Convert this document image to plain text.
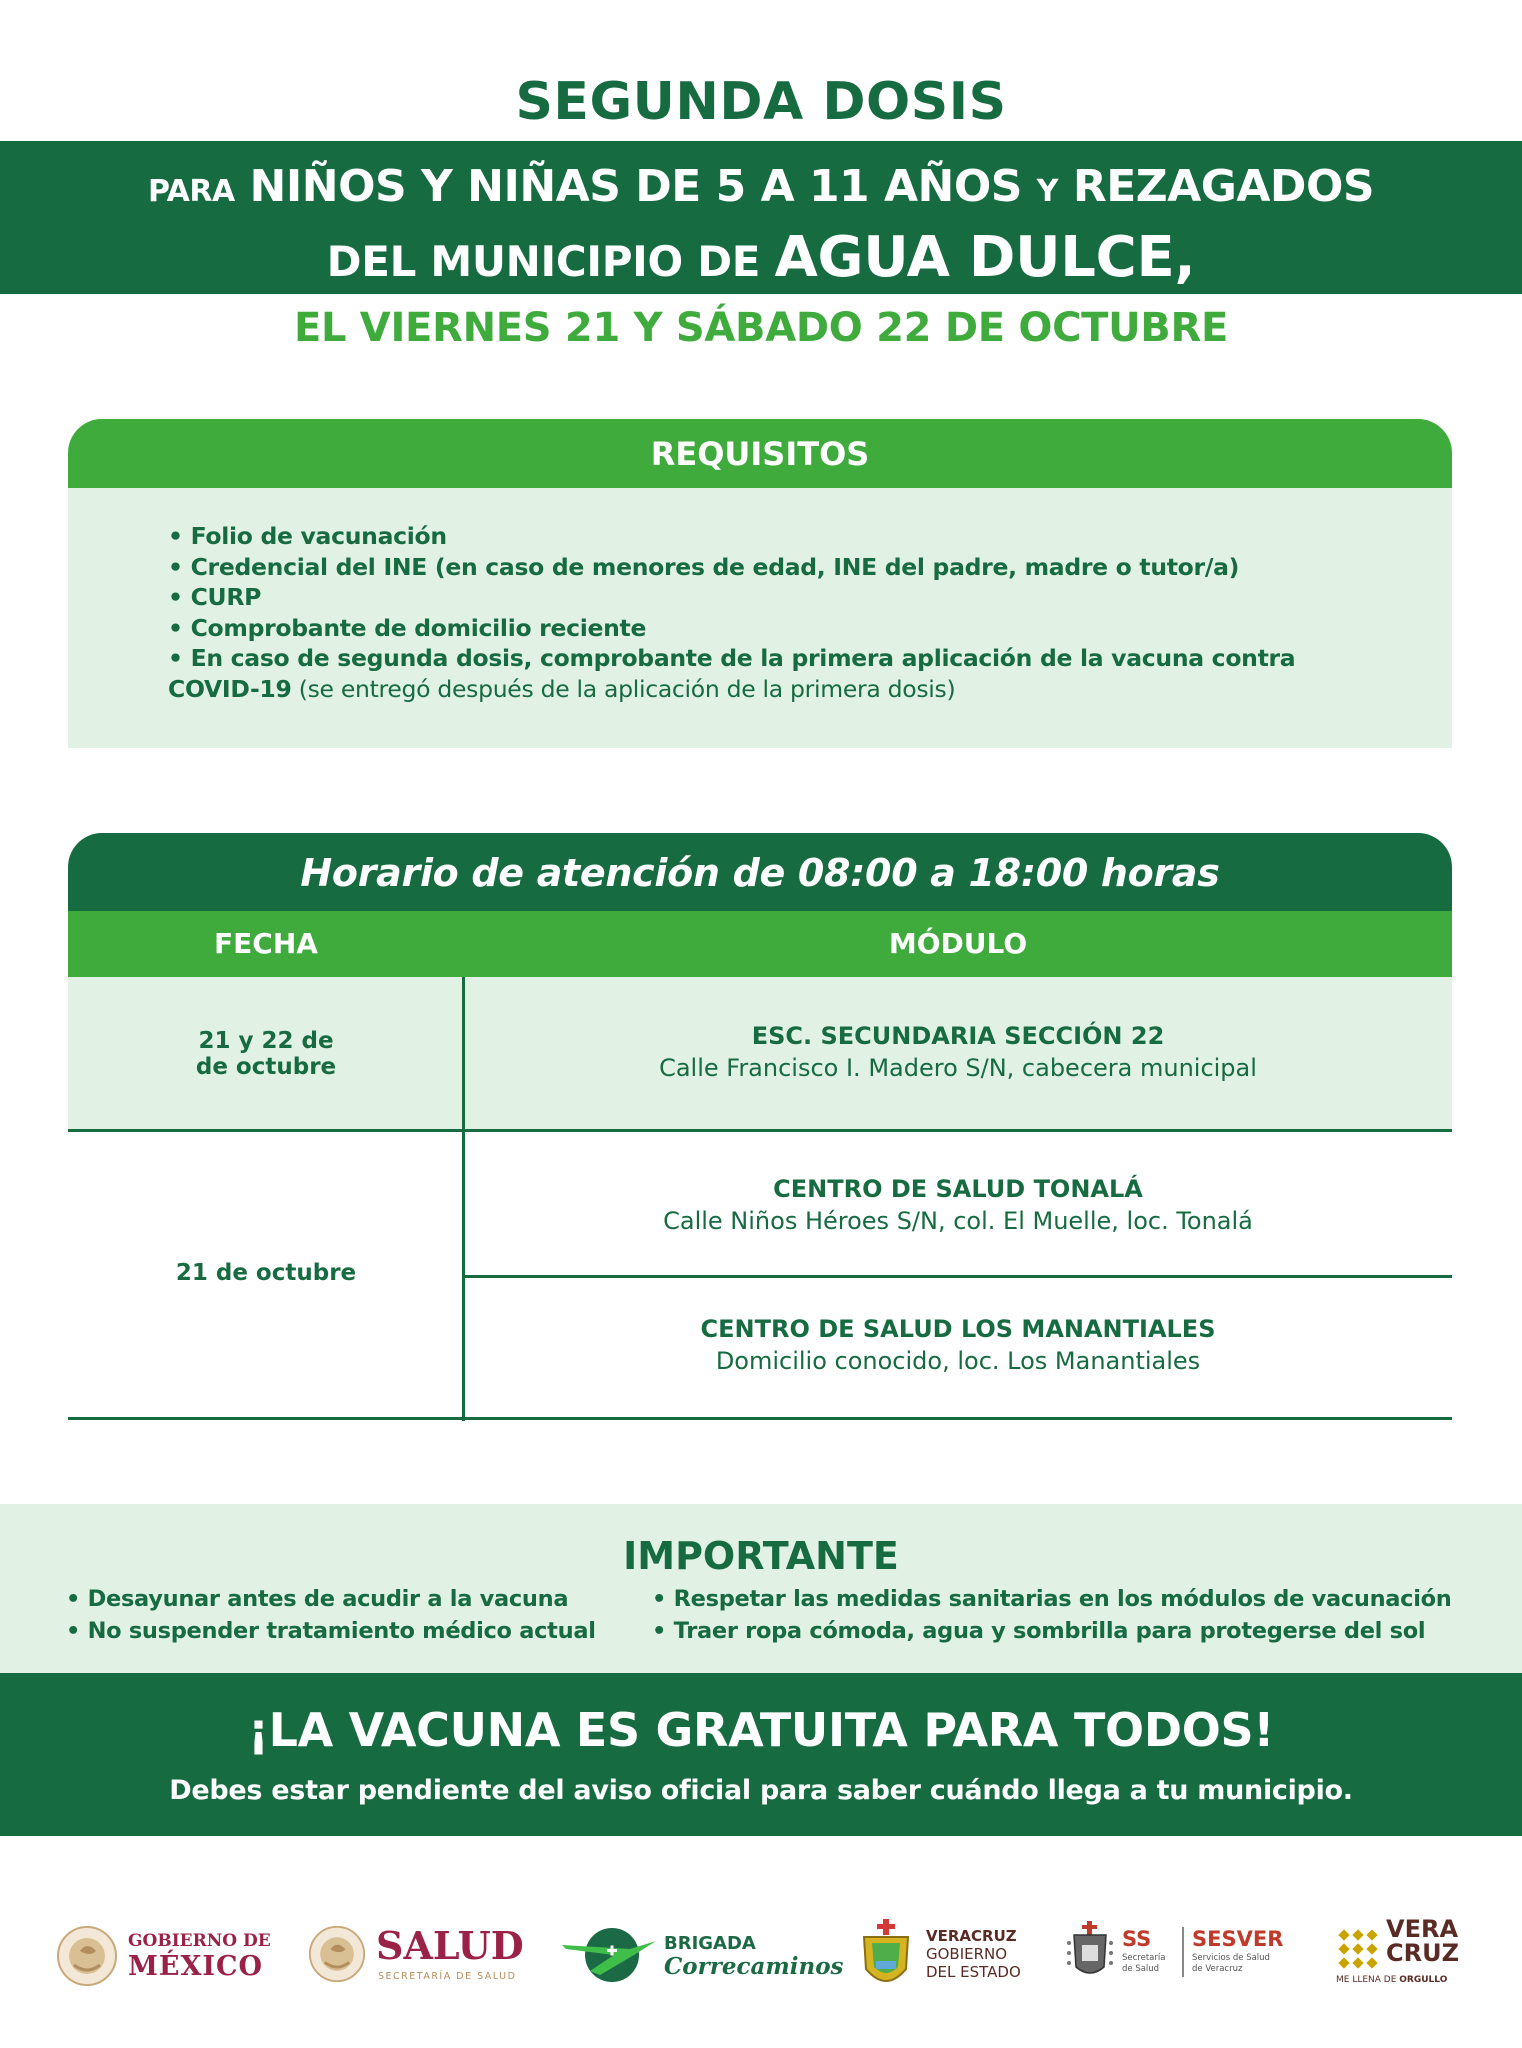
SEGUNDA DOSIS
PARA NIÑOS Y NIÑAS DE 5 A 11 AÑOS Y REZAGADOS
DEL MUNICIPIO DE AGUA DULCE,
EL VIERNES 21 Y SÁBADO 22 DE OCTUBRE
REQUISITOS
• Folio de vacunación
• Credencial del INE (en caso de menores de edad, INE del padre, madre o tutor/a)
• CURP
• Comprobante de domicilio reciente
• En caso de segunda dosis, comprobante de la primera aplicación de la vacuna contra
COVID-19 (se entregó después de la aplicación de la primera dosis)
Horario de atención de 08:00 a 18:00 horas
FECHA	MÓDULO
21 y 22 de
de octubre
ESC. SECUNDARIA SECCIÓN 22
Calle Francisco I. Madero S/N, cabecera municipal
21 de octubre
CENTRO DE SALUD TONALÁ
Calle Niños Héroes S/N, col. El Muelle, loc. Tonalá
CENTRO DE SALUD LOS MANANTIALES
Domicilio conocido, loc. Los Manantiales
IMPORTANTE
• Desayunar antes de acudir a la vacuna
• No suspender tratamiento médico actual
• Respetar las medidas sanitarias en los módulos de vacunación
• Traer ropa cómoda, agua y sombrilla para protegerse del sol
¡LA VACUNA ES GRATUITA PARA TODOS!
Debes estar pendiente del aviso oficial para saber cuándo llega a tu municipio.
GOBIERNO DE
MÉXICO	SALUD
SECRETARÍA DE SALUD
BRIGADA
Correcaminos
VERACRUZ
GOBIERNO
DEL ESTADO
SS
Secretaría
de Salud
SESVER
Servicios de Salud
de Veracruz
VERA
CRUZ
ME LLENA DE ORGULLO
